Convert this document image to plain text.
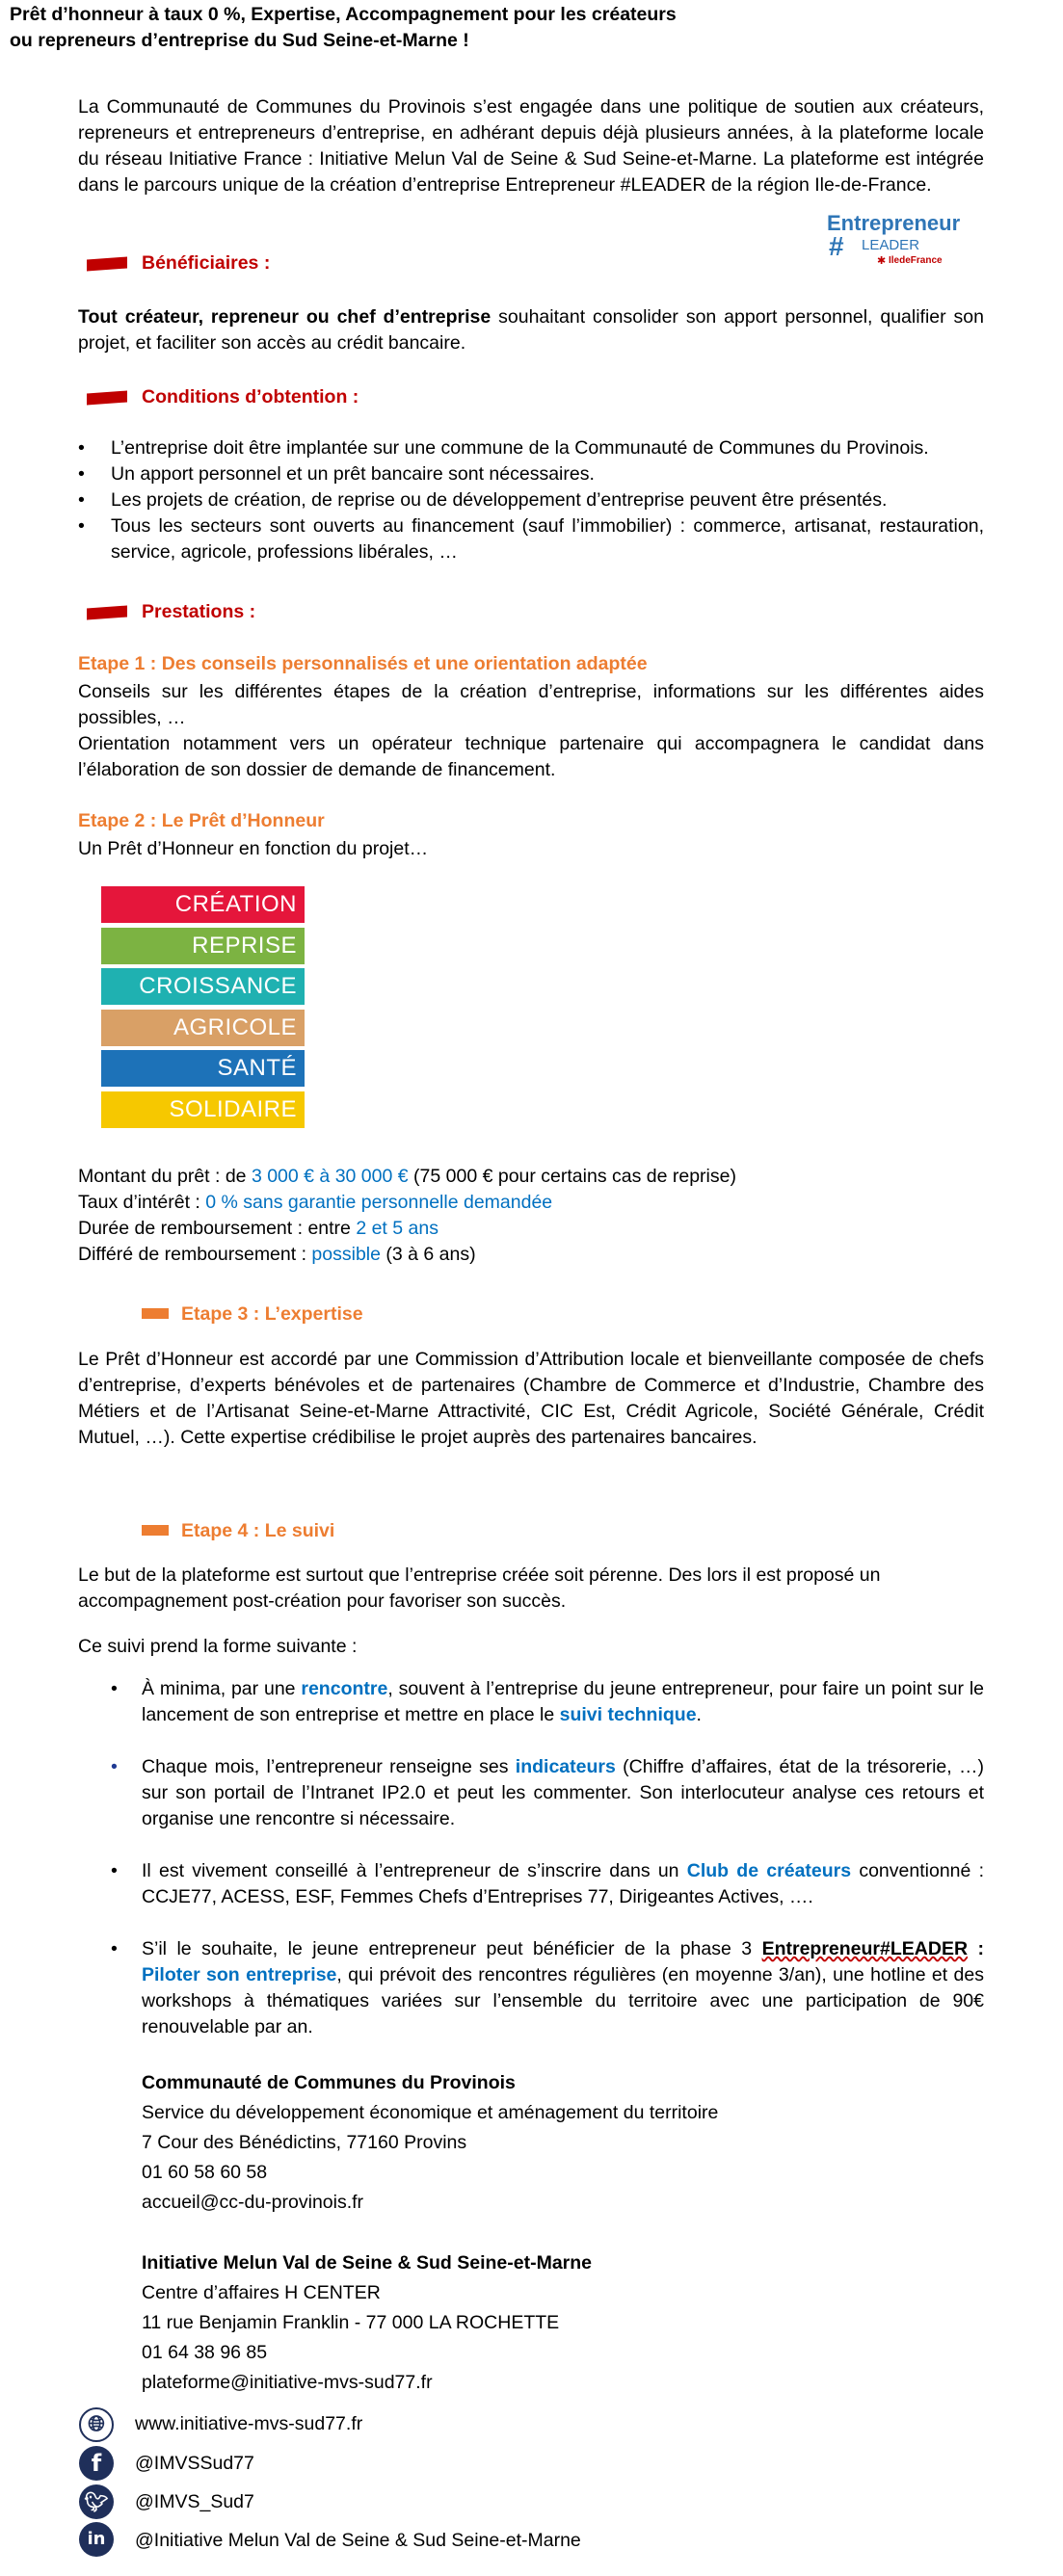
Prêt d’honneur à taux 0 %, Expertise, Accompagnement pour les créateurs ou repreneurs d’entreprise du Sud Seine-et-Marne !
La Communauté de Communes du Provinois s’est engagée dans une politique de soutien aux créateurs, repreneurs et entrepreneurs d’entreprise, en adhérant depuis déjà plusieurs années, à la plateforme locale du réseau Initiative France : Initiative Melun Val de Seine & Sud Seine-et-Marne. La plateforme est intégrée dans le parcours unique de la création d’entreprise Entrepreneur #LEADER de la région Ile-de-France.
Entrepreneur
# LEADER
✱ IledeFrance
Bénéficiaires :
Tout créateur, repreneur ou chef d’entreprise souhaitant consolider son apport personnel, qualifier son projet, et faciliter son accès au crédit bancaire.
Conditions d’obtention :
• L’entreprise doit être implantée sur une commune de la Communauté de Communes du Provinois.
• Un apport personnel et un prêt bancaire sont nécessaires.
• Les projets de création, de reprise ou de développement d’entreprise peuvent être présentés.
• Tous les secteurs sont ouverts au financement (sauf l’immobilier) : commerce, artisanat, restauration, service, agricole, professions libérales, …
Prestations :
Etape 1 : Des conseils personnalisés et une orientation adaptée
Conseils sur les différentes étapes de la création d’entreprise, informations sur les différentes aides possibles, …
Orientation notamment vers un opérateur technique partenaire qui accompagnera le candidat dans l’élaboration de son dossier de demande de financement.
Etape 2 : Le Prêt d’Honneur
Un Prêt d’Honneur en fonction du projet…
CRÉATION
REPRISE
CROISSANCE
AGRICOLE
SANTÉ
SOLIDAIRE
Montant du prêt : de 3 000 € à 30 000 € (75 000 € pour certains cas de reprise)
Taux d’intérêt : 0 % sans garantie personnelle demandée
Durée de remboursement : entre 2 et 5 ans
Différé de remboursement : possible (3 à 6 ans)
Etape 3 : L’expertise
Le Prêt d’Honneur est accordé par une Commission d’Attribution locale et bienveillante composée de chefs d’entreprise, d’experts bénévoles et de partenaires (Chambre de Commerce et d’Industrie, Chambre des Métiers et de l’Artisanat Seine-et-Marne Attractivité, CIC Est, Crédit Agricole, Société Générale, Crédit Mutuel, …). Cette expertise crédibilise le projet auprès des partenaires bancaires.
Etape 4 : Le suivi
Le but de la plateforme est surtout que l’entreprise créée soit pérenne. Des lors il est proposé un accompagnement post-création pour favoriser son succès.
Ce suivi prend la forme suivante :
• À minima, par une rencontre, souvent à l’entreprise du jeune entrepreneur, pour faire un point sur le lancement de son entreprise et mettre en place le suivi technique.
• Chaque mois, l’entrepreneur renseigne ses indicateurs (Chiffre d’affaires, état de la trésorerie, …) sur son portail de l’Intranet IP2.0 et peut les commenter. Son interlocuteur analyse ces retours et organise une rencontre si nécessaire.
• Il est vivement conseillé à l’entrepreneur de s’inscrire dans un Club de créateurs conventionné : CCJE77, ACESS, ESF, Femmes Chefs d’Entreprises 77, Dirigeantes Actives, ….
• S’il le souhaite, le jeune entrepreneur peut bénéficier de la phase 3 Entrepreneur#LEADER : Piloter son entreprise, qui prévoit des rencontres régulières (en moyenne 3/an), une hotline et des workshops à thématiques variées sur l’ensemble du territoire avec une participation de 90€ renouvelable par an.
Communauté de Communes du Provinois
Service du développement économique et aménagement du territoire
7 Cour des Bénédictins, 77160 Provins
01 60 58 60 58
accueil@cc-du-provinois.fr
Initiative Melun Val de Seine & Sud Seine-et-Marne
Centre d’affaires H CENTER
11 rue Benjamin Franklin - 77 000 LA ROCHETTE
01 64 38 96 85
plateforme@initiative-mvs-sud77.fr
🌐︎	www.initiative-mvs-sud77.fr
f	@IMVSSud77
🐦︎ @IMVS_Sud7
in	@Initiative Melun Val de Seine & Sud Seine-et-Marne
